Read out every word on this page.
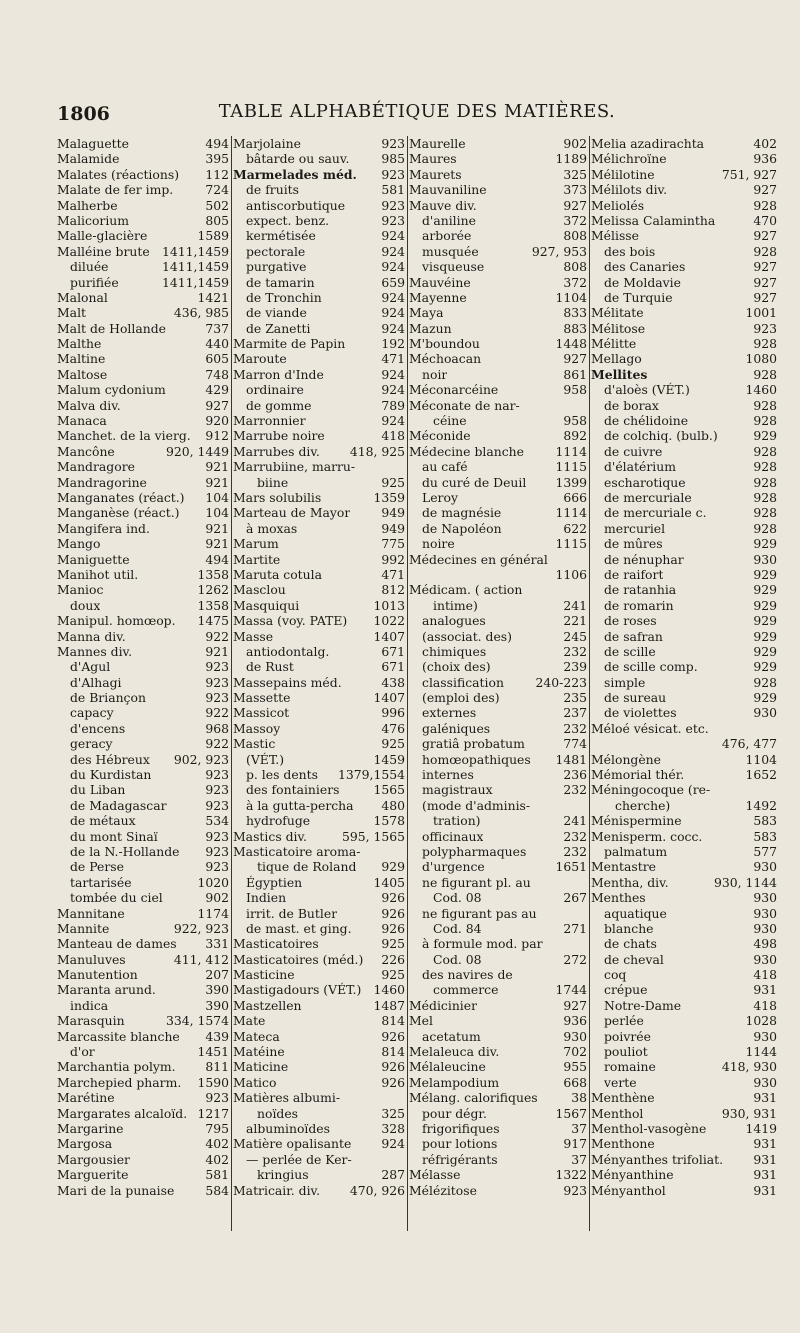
1806	TABLE ALPHABÉTIQUE DES MATIÈRES.
Malaguette	494
Malamide	395
Malates (réactions) 112
Malate de fer imp.	724
Malherbe	502
Malicorium	805
Malle-glacière	1589
Malléine brute 1411,1459
diluée	1411,1459
purifiée	1411,1459
Malonal	1421
Malt	436, 985
Malt de Hollande	737
Malthe	440
Maltine	605
Maltose	748
Malum cydonium	429
Malva div.	927
Manaca	920
Manchet. de la vierg. 912
Mancône	920, 1449
Mandragore	921
Mandragorine	921
Manganates (réact.) 104
Manganèse (réact.) 104
Mangifera ind.	921
Mango	921
Maniguette	494
Manihot util.	1358
Manioc	1262
doux	1358
Manipul. homœop. 1475
Manna div.	922
Mannes div.	921
d'Agul	923
d'Alhagi	923
de Briançon	923
capacy	922
d'encens	968
geracy	922
des Hébreux 902, 923
du Kurdistan	923
du Liban	923
de Madagascar	923
de métaux	534
du mont Sinaï	923
de la N.-Hollande 923
de Perse	923
tartarisée	1020
tombée du ciel	902
Mannitane	1174
Mannite	922, 923
Manteau de dames 331
Manuluves	411, 412
Manutention	207
Maranta arund.	390
indica	390
Marasquin	334, 1574
Marcassite blanche 439
d'or	1451
Marchantia polym. 811
Marchepied pharm. 1590
Marétine	923
Margarates alcaloïd. 1217
Margarine	795
Margosa	402
Margousier	402
Marguerite	581
Mari de la punaise	584
Marjolaine	923
bâtarde ou sauv.	985
Marmelades méd. 923
de fruits	581
antiscorbutique	923
expect. benz.	923
kermétisée	924
pectorale	924
purgative	924
de tamarin	659
de Tronchin	924
de viande	924
de Zanetti	924
Marmite de Papin	192
Maroute	471
Marron d'Inde	924
ordinaire	924
de gomme	789
Marronnier	924
Marrube noire	418
Marrubes div. 418, 925
Marrubiine, marru-
biine	925
Mars solubilis	1359
Marteau de Mayor	949
à moxas	949
Marum	775
Martite	992
Maruta cotula	471
Masclou	812
Masquiqui	1013
Massa (voy. PATE) 1022
Masse	1407
antiodontalg.	671
de Rust	671
Massepains méd.	438
Massette	1407
Massicot	996
Massoy	476
Mastic	925
(VÉT.)	1459
p. les dents 1379,1554
des fontainiers	1565
à la gutta-percha 480
hydrofuge	1578
Mastics div.	595, 1565
Masticatoire aroma-
tique de Roland 929
Égyptien	1405
Indien	926
irrit. de Butler	926
de mast. et ging. 926
Masticatoires	925
Masticatoires (méd.) 226
Masticine	925
Mastigadours (VÉT.) 1460
Mastzellen	1487
Mate	814
Mateca	926
Matéine	814
Maticine	926
Matico	926
Matières albumi-
noïdes	325
albuminoïdes	328
Matière opalisante 924
— perlée de Ker-
kringius	287
Matricair. div. 470, 926
Maurelle	902
Maures	1189
Maurets	325
Mauvaniline	373
Mauve div.	927
d'aniline	372
arborée	808
musquée	927, 953
visqueuse	808
Mauvéine	372
Mayenne	1104
Maya	833
Mazun	883
M'boundou	1448
Méchoacan	927
noir	861
Méconarcéine	958
Méconate de nar-
céine	958
Méconide	892
Médecine blanche	1114
au café	1115
du curé de Deuil 1399
Leroy	666
de magnésie	1114
de Napoléon	622
noire	1115
Médecines en général
1106
Médicam. ( action
intime)	241
analogues	221
(associat. des)	245
chimiques	232
(choix des)	239
classification	240-223
(emploi des)	235
externes	237
galéniques	232
gratiâ probatum	774
homœopathiques 1481
internes	236
magistraux	232
(mode d'adminis-
tration)	241
officinaux	232
polypharmaques	232
d'urgence	1651
ne figurant pl. au
Cod. 08	267
ne figurant pas au
Cod. 84	271
à formule mod. par
Cod. 08	272
des navires de
commerce	1744
Médicinier	927
Mel	936
acetatum	930
Melaleuca div.	702
Mélaleucine	955
Melampodium	668
Mélang. calorifiques	38
pour dégr.	1567
frigorifiques	37
pour lotions	917
réfrigérants	37
Mélasse	1322
Mélézitose	923
Melia azadirachta	402
Mélichroïne	936
Mélilotine	751, 927
Mélilots div.	927
Meliolés	928
Melissa Calamintha	470
Mélisse	927
des bois	928
des Canaries	927
de Moldavie	927
de Turquie	927
Mélitate	1001
Mélitose	923
Mélitte	928
Mellago	1080
Mellites	928
d'aloès (VÉT.)	1460
de borax	928
de chélidoine	928
de colchiq. (bulb.)	929
de cuivre	928
d'élatérium	928
escharotique	928
de mercuriale	928
de mercuriale c.	928
mercuriel	928
de mûres	929
de nénuphar	930
de raifort	929
de ratanhia	929
de romarin	929
de roses	929
de safran	929
de scille	929
de scille comp.	929
simple	928
de sureau	929
de violettes	930
Méloé vésicat. etc.
476, 477
Mélongène	1104
Mémorial thér.	1652
Méningocoque (re-
cherche)	1492
Ménispermine	583
Menisperm. cocc.	583
palmatum	577
Mentastre	930
Mentha, div.	930, 1144
Menthes	930
aquatique	930
blanche	930
de chats	498
de cheval	930
coq	418
crépue	931
Notre-Dame	418
perlée	1028
poivrée	930
pouliot	1144
romaine	418, 930
verte	930
Menthène	931
Menthol	930, 931
Menthol-vasogène	1419
Menthone	931
Ményanthes trifoliat. 931
Ményanthine	931
Ményanthol	931
